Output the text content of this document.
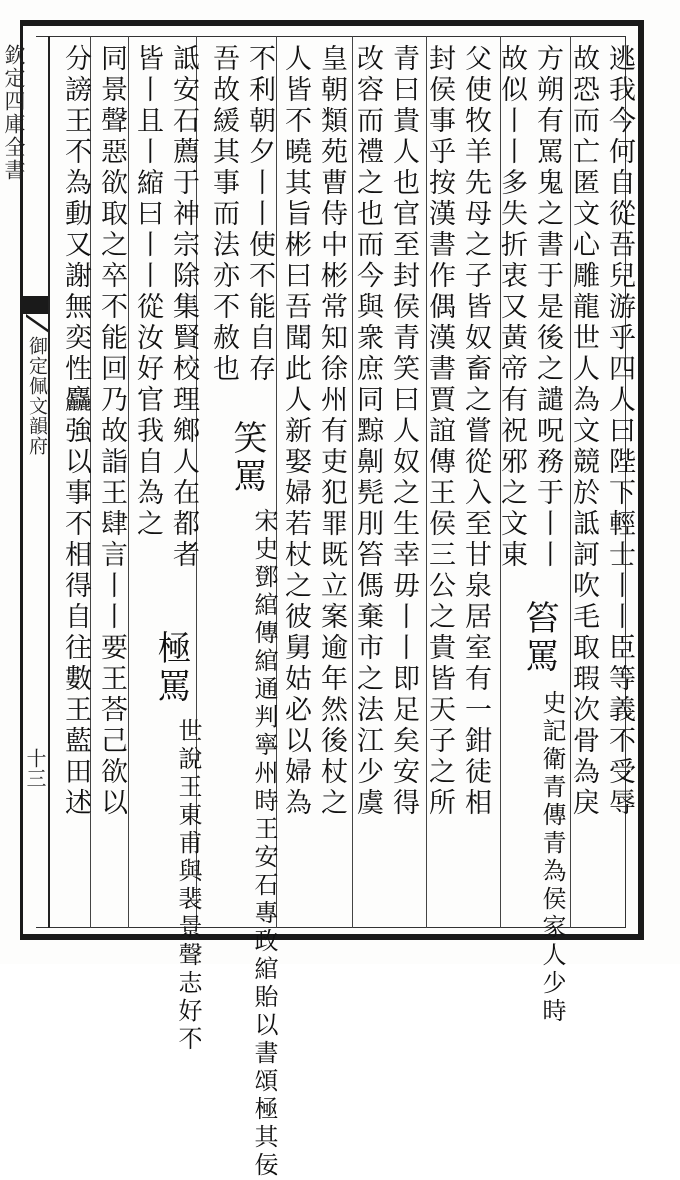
欽定四庫全書
御定佩文韻府
十三	逃我今何自從吾兒游乎四人曰陛下輕士丨丨臣等義不受辱
故恐而亡匿文心雕龍世人為文競於詆訶吹毛取瑕次骨為戾
方朔有罵鬼之書于是後之譴呪務于丨丨
故似丨丨多失折衷又黃帝有祝邪之文東
笞罵
史記衛青傳青為侯家人少時
父使牧羊先母之子皆奴畜之嘗從入至甘泉居室有一鉗徒相
封侯事乎按漢書作偶漢書賈誼傳王侯三公之貴皆天子之所
青曰貴人也官至封侯青笑曰人奴之生幸毋丨丨即足矣安得
改容而禮之也而今與衆庶同黥劓髡刖笞傌棄市之法江少虞
皇朝類苑曹侍中彬常知徐州有吏犯罪既立案逾年然後杖之
人皆不曉其旨彬曰吾聞此人新娶婦若杖之彼舅姑必以婦為
不利朝夕丨丨使不能自存
吾故緩其事而法亦不赦也
笑罵
宋史鄧綰傳綰通判寧州時王安石專政綰貽以書頌極其佞
詆安石薦于神宗除集賢校理鄉人在都者
皆丨且丨縮曰丨丨從汝好官我自為之
極罵
世說王東甫與裴景聲志好不
同景聲惡欲取之卒不能回乃故詣王肆言丨丨要王荅己欲以
分謗王不為動又謝無奕性麤強以事不相得自往數王藍田述
